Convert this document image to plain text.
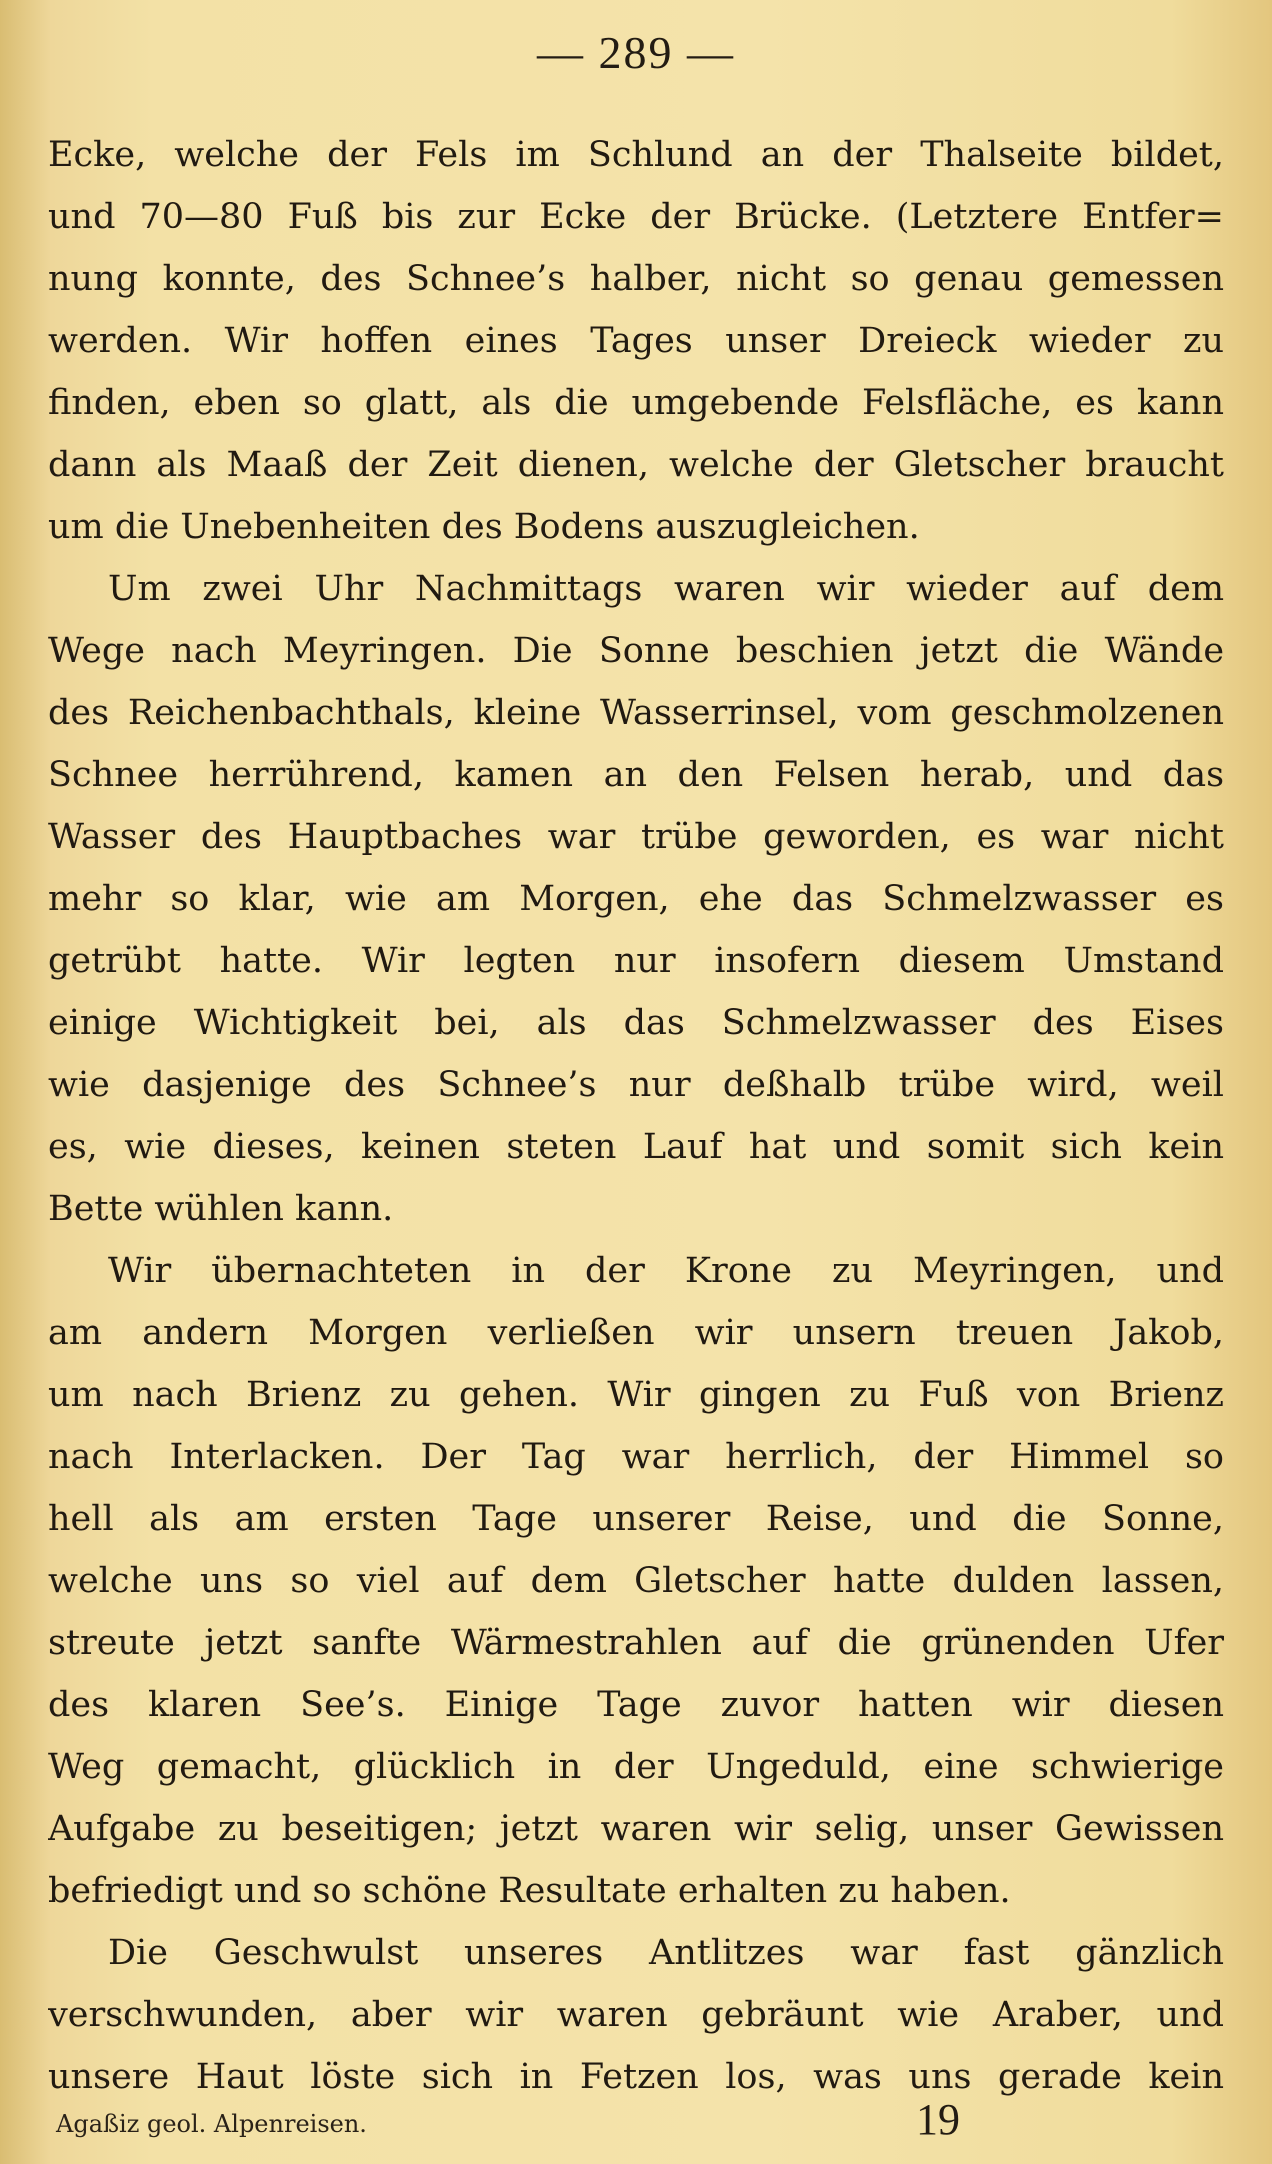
— 289 —
Ecke, welche der Fels im Schlund an der Thalseite bildet,
und 70—80 Fuß bis zur Ecke der Brücke. (Letztere Entfer=
nung konnte, des Schnee’s halber, nicht so genau gemessen
werden. Wir hoffen eines Tages unser Dreieck wieder zu
finden, eben so glatt, als die umgebende Felsfläche, es kann
dann als Maaß der Zeit dienen, welche der Gletscher braucht
um die Unebenheiten des Bodens auszugleichen.
Um zwei Uhr Nachmittags waren wir wieder auf dem
Wege nach Meyringen. Die Sonne beschien jetzt die Wände
des Reichenbachthals, kleine Wasserrinsel, vom geschmolzenen
Schnee herrührend, kamen an den Felsen herab, und das
Wasser des Hauptbaches war trübe geworden, es war nicht
mehr so klar, wie am Morgen, ehe das Schmelzwasser es
getrübt hatte. Wir legten nur insofern diesem Umstand
einige Wichtigkeit bei, als das Schmelzwasser des Eises
wie dasjenige des Schnee’s nur deßhalb trübe wird, weil
es, wie dieses, keinen steten Lauf hat und somit sich kein
Bette wühlen kann.
Wir übernachteten in der Krone zu Meyringen, und
am andern Morgen verließen wir unsern treuen Jakob,
um nach Brienz zu gehen. Wir gingen zu Fuß von Brienz
nach Interlacken. Der Tag war herrlich, der Himmel so
hell als am ersten Tage unserer Reise, und die Sonne,
welche uns so viel auf dem Gletscher hatte dulden lassen,
streute jetzt sanfte Wärmestrahlen auf die grünenden Ufer
des klaren See’s. Einige Tage zuvor hatten wir diesen
Weg gemacht, glücklich in der Ungeduld, eine schwierige
Aufgabe zu beseitigen; jetzt waren wir selig, unser Gewissen
befriedigt und so schöne Resultate erhalten zu haben.
Die Geschwulst unseres Antlitzes war fast gänzlich
verschwunden, aber wir waren gebräunt wie Araber, und
unsere Haut löste sich in Fetzen los, was uns gerade kein
Agaßiz geol. Alpenreisen.	19
